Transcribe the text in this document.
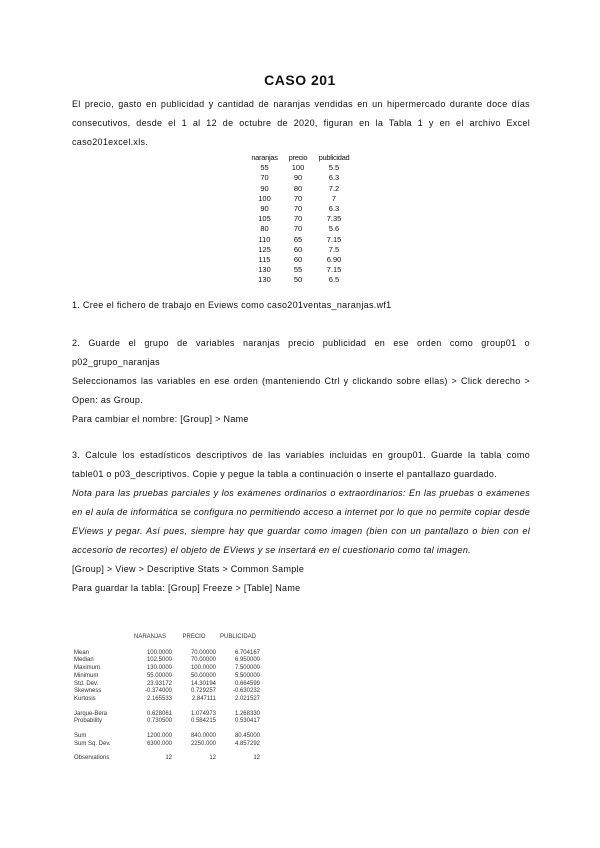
CASO 201

El precio, gasto en publicidad y cantidad de naranjas vendidas en un hipermercado durante doce días consecutivos, desde el 1 al 12 de octubre de 2020, figuran en la Tabla 1 y en el archivo Excel caso201excel.xls.

naranjas	precio	publicidad
55	100	5.5
70	90	6.3
90	80	7.2
100	70	7
90	70	6.3
105	70	7.35
80	70	5.6
110	65	7.15
125	60	7.5
115	60	6.90
130	55	7.15
130	50	6.5

1. Cree el fichero de trabajo en Eviews como caso201ventas_naranjas.wf1

2. Guarde el grupo de variables naranjas precio publicidad en ese orden como group01 o p02_grupo_naranjas

Seleccionamos las variables en ese orden (manteniendo Ctrl y clickando sobre ellas) > Click derecho > Open: as Group.

Para cambiar el nombre: [Group] > Name

3. Calcule los estadísticos descriptivos de las variables incluidas en group01. Guarde la tabla como table01 o p03_descriptivos. Copie y pegue la tabla a continuación o inserte el pantallazo guardado.

Nota para las pruebas parciales y los exámenes ordinarios o extraordinarios: En las pruebas o exámenes en el aula de informática se configura no permitiendo acceso a internet por lo que no permite copiar desde EViews y pegar. Así pues, siempre hay que guardar como imagen (bien con un pantallazo o bien con el accesorio de recortes) el objeto de EViews y se insertará en el cuestionario como tal imagen.

[Group] > View > Descriptive Stats > Common Sample

Para guardar la tabla: [Group] Freeze > [Table] Name

	NARANJAS	PRECIO	PUBLICIDAD
Mean	100.0000	70.00000	6.704167
Median	102.5000	70.00000	6.950000
Maximum	130.0000	100.0000	7.500000
Minimum	55.00000	50.00000	5.500000
Std. Dev.	23.93172	14.30194	0.664599
Skewness	-0.374000	0.729257	-0.630232
Kurtosis	2.165533	2.847111	2.021527

Jarque-Bera	0.628061	1.074973	1.268330
Probability	0.730500	0.584215	0.530417

Sum	1200.000	840.0000	80.45000
Sum Sq. Dev.	6300.000	2250.000	4.857292

Observations	12	12	12
